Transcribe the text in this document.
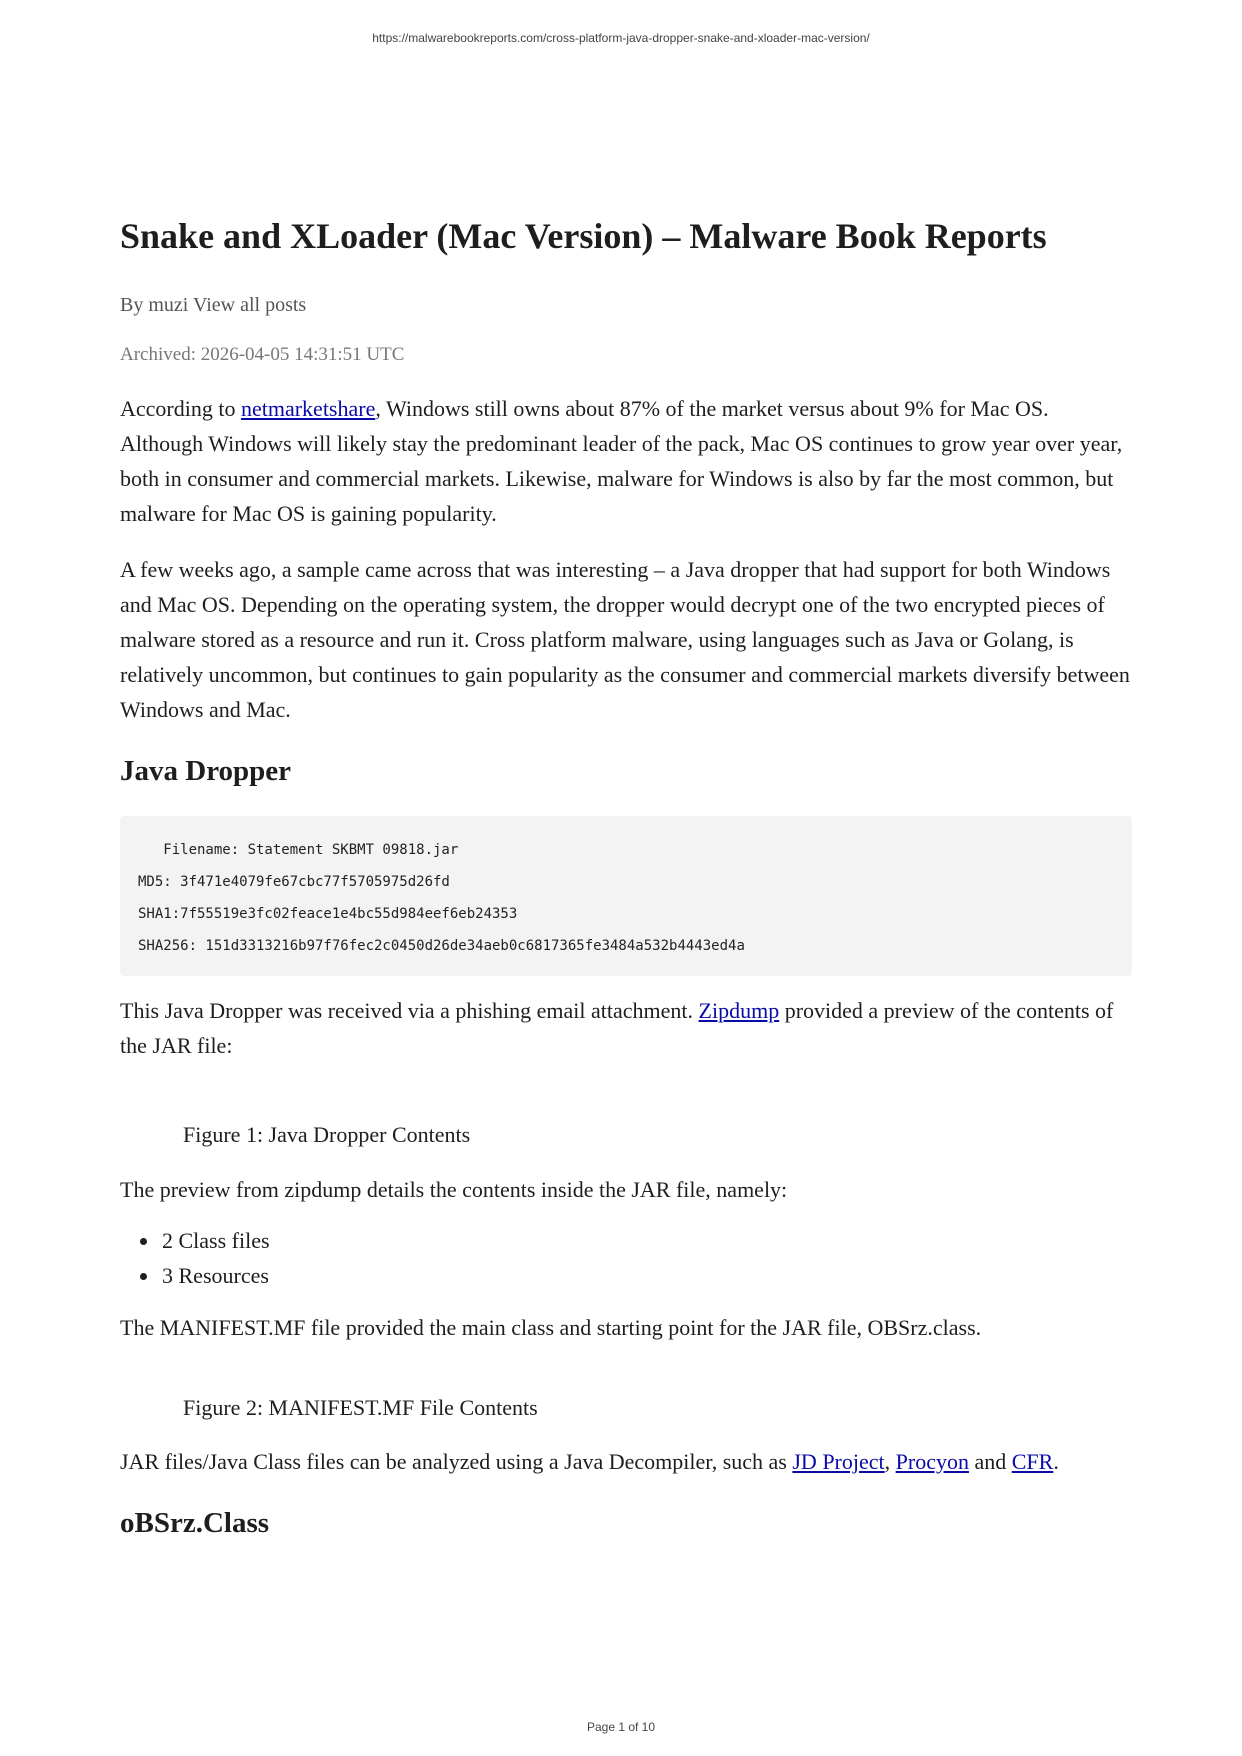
https://malwarebookreports.com/cross-platform-java-dropper-snake-and-xloader-mac-version/
Snake and XLoader (Mac Version) – Malware Book Reports
By muzi View all posts
Archived: 2026-04-05 14:31:51 UTC

According to netmarketshare, Windows still owns about 87% of the market versus about 9% for Mac OS. Although Windows will likely stay the predominant leader of the pack, Mac OS continues to grow year over year, both in consumer and commercial markets. Likewise, malware for Windows is also by far the most common, but malware for Mac OS is gaining popularity.

A few weeks ago, a sample came across that was interesting – a Java dropper that had support for both Windows and Mac OS. Depending on the operating system, the dropper would decrypt one of the two encrypted pieces of malware stored as a resource and run it. Cross platform malware, using languages such as Java or Golang, is relatively uncommon, but continues to gain popularity as the consumer and commercial markets diversify between Windows and Mac.

Java Dropper
Filename: Statement SKBMT 09818.jar
MD5: 3f471e4079fe67cbc77f5705975d26fd
SHA1:7f55519e3fc02feace1e4bc55d984eef6eb24353
SHA256: 151d3313216b97f76fec2c0450d26de34aeb0c6817365fe3484a532b4443ed4a

This Java Dropper was received via a phishing email attachment. Zipdump provided a preview of the contents of the JAR file:

Figure 1: Java Dropper Contents

The preview from zipdump details the contents inside the JAR file, namely:

• 2 Class files
• 3 Resources

The MANIFEST.MF file provided the main class and starting point for the JAR file, OBSrz.class.

Figure 2: MANIFEST.MF File Contents

JAR files/Java Class files can be analyzed using a Java Decompiler, such as JD Project, Procyon and CFR.

oBSrz.Class
Page 1 of 10
